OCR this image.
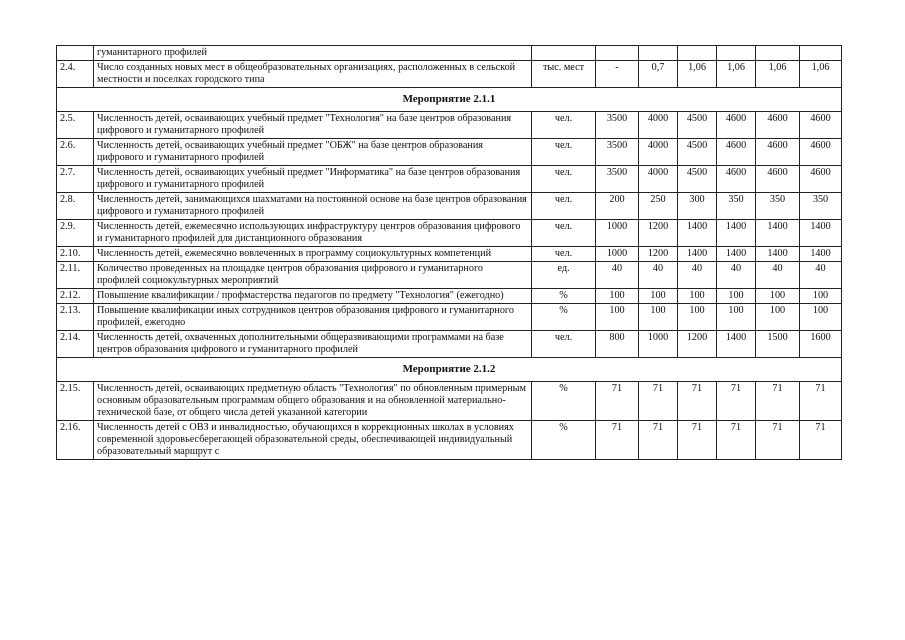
	гуманитарного профилей							
2.4.	Число созданных новых мест в общеобразовательных организациях, расположенных в сельской местности и поселках городского типа	тыс. мест	-	0,7	1,06	1,06	1,06	1,06
Мероприятие 2.1.1								
2.5.	Численность детей, осваивающих учебный предмет "Технология" на базе центров образования цифрового и гуманитарного профилей	чел.	3500	4000	4500	4600	4600	4600
2.6.	Численность детей, осваивающих учебный предмет "ОБЖ" на базе центров образования цифрового и гуманитарного профилей	чел.	3500	4000	4500	4600	4600	4600
2.7.	Численность детей, осваивающих учебный предмет "Информатика" на базе центров образования цифрового и гуманитарного профилей	чел.	3500	4000	4500	4600	4600	4600
2.8.	Численность детей, занимающихся шахматами на постоянной основе на базе центров образования цифрового и гуманитарного профилей	чел.	200	250	300	350	350	350
2.9.	Численность детей, ежемесячно использующих инфраструктуру центров образования цифрового и гуманитарного профилей для дистанционного образования	чел.	1000	1200	1400	1400	1400	1400
2.10.	Численность детей, ежемесячно вовлеченных в программу социокультурных компетенций	чел.	1000	1200	1400	1400	1400	1400
2.11.	Количество проведенных на площадке центров образования цифрового и гуманитарного профилей социокультурных мероприятий	ед.	40	40	40	40	40	40
2.12.	Повышение квалификации / профмастерства педагогов по предмету "Технология" (ежегодно)	%	100	100	100	100	100	100
2.13.	Повышение квалификации иных сотрудников центров образования цифрового и гуманитарного профилей, ежегодно	%	100	100	100	100	100	100
2.14.	Численность детей, охваченных дополнительными общеразвивающими программами на базе центров образования цифрового и гуманитарного профилей	чел.	800	1000	1200	1400	1500	1600
Мероприятие 2.1.2								
2.15.	Численность детей, осваивающих предметную область "Технология" по обновленным примерным основным образовательным программам общего образования и на обновленной материально-технической базе, от общего числа детей указанной категории	%	71	71	71	71	71	71
2.16.	Численность детей с ОВЗ и инвалидностью, обучающихся в коррекционных школах в условиях современной здоровьесберегающей образовательной среды, обеспечивающей индивидуальный образовательный маршрут с	%	71	71	71	71	71	71
